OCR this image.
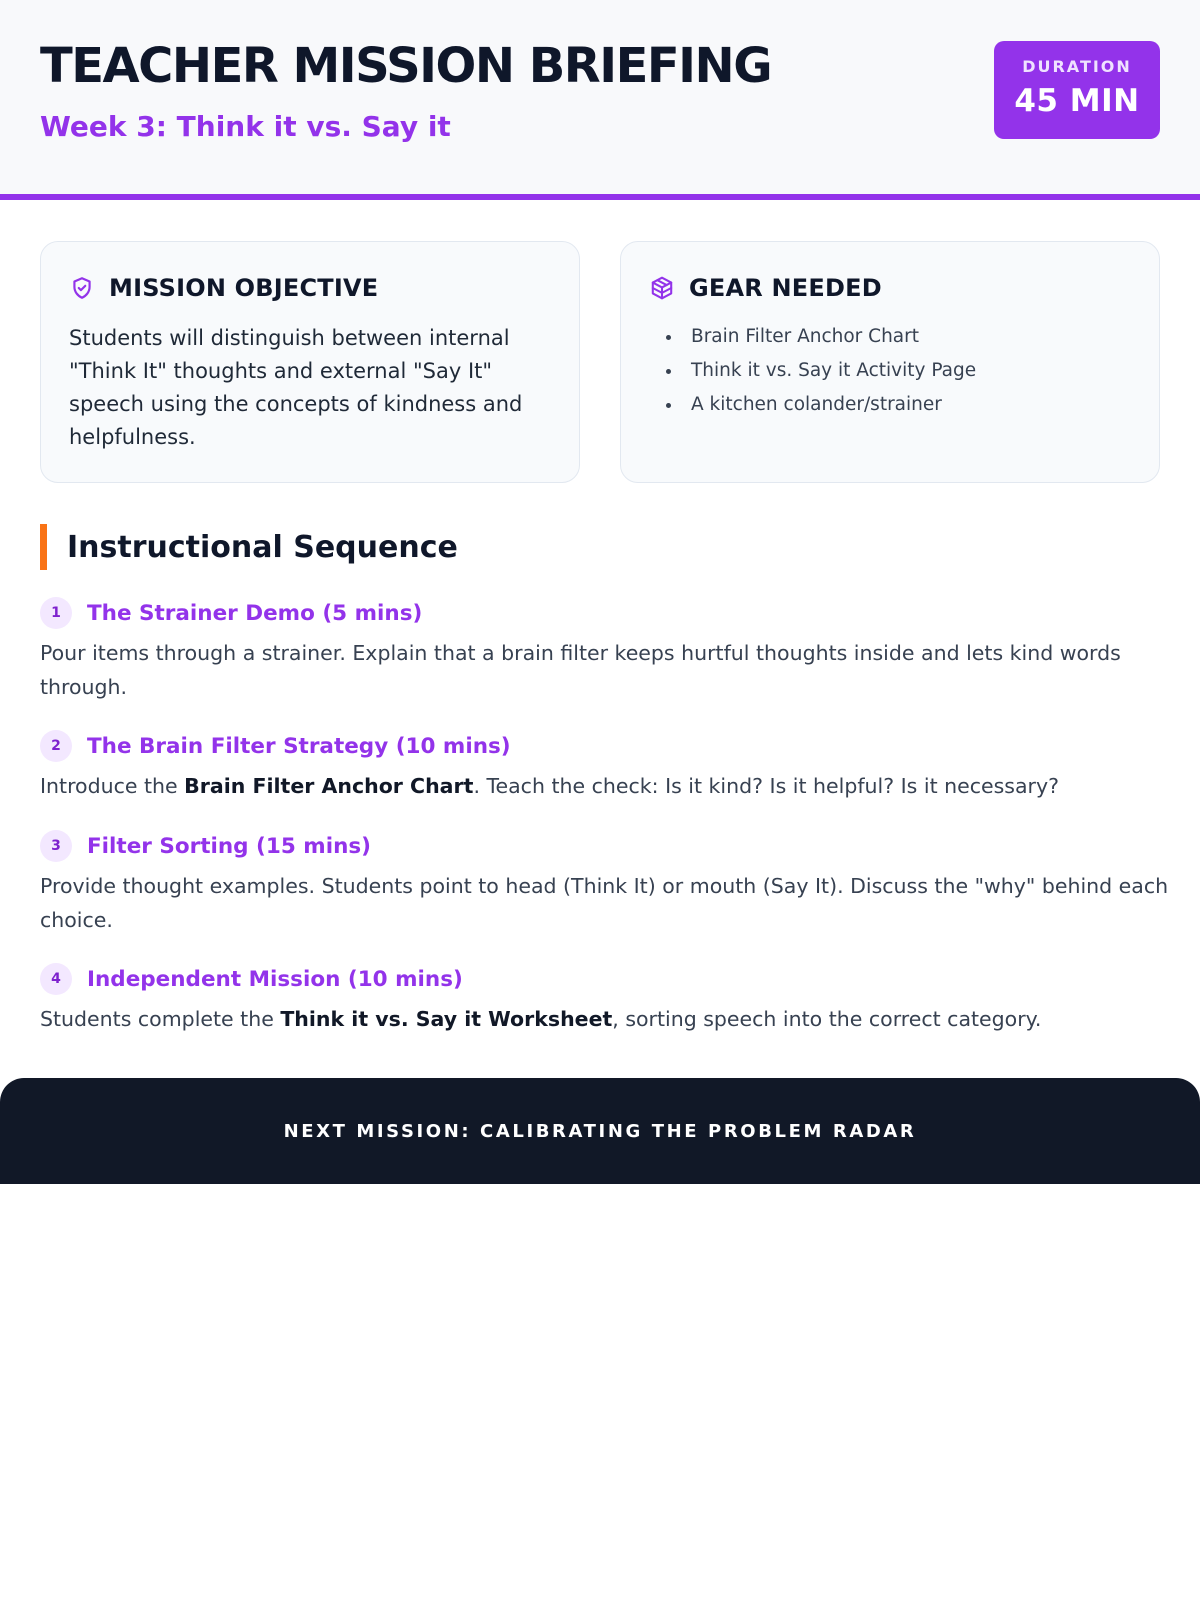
TEACHER MISSION BRIEFING
Week 3: Think it vs. Say it
DURATION
45 MIN
MISSION OBJECTIVE
Students will distinguish between internal "Think It" thoughts and external "Say It" speech using the concepts of kindness and helpfulness.
GEAR NEEDED
• Brain Filter Anchor Chart
• Think it vs. Say it Activity Page
• A kitchen colander/strainer
Instructional Sequence
1	The Strainer Demo (5 mins)
Pour items through a strainer. Explain that a brain filter keeps hurtful thoughts inside and lets kind words through.
2	The Brain Filter Strategy (10 mins)
Introduce the Brain Filter Anchor Chart. Teach the check: Is it kind? Is it helpful? Is it necessary?
3	Filter Sorting (15 mins)
Provide thought examples. Students point to head (Think It) or mouth (Say It). Discuss the "why" behind each choice.
4	Independent Mission (10 mins)
Students complete the Think it vs. Say it Worksheet, sorting speech into the correct category.
NEXT MISSION: CALIBRATING THE PROBLEM RADAR
